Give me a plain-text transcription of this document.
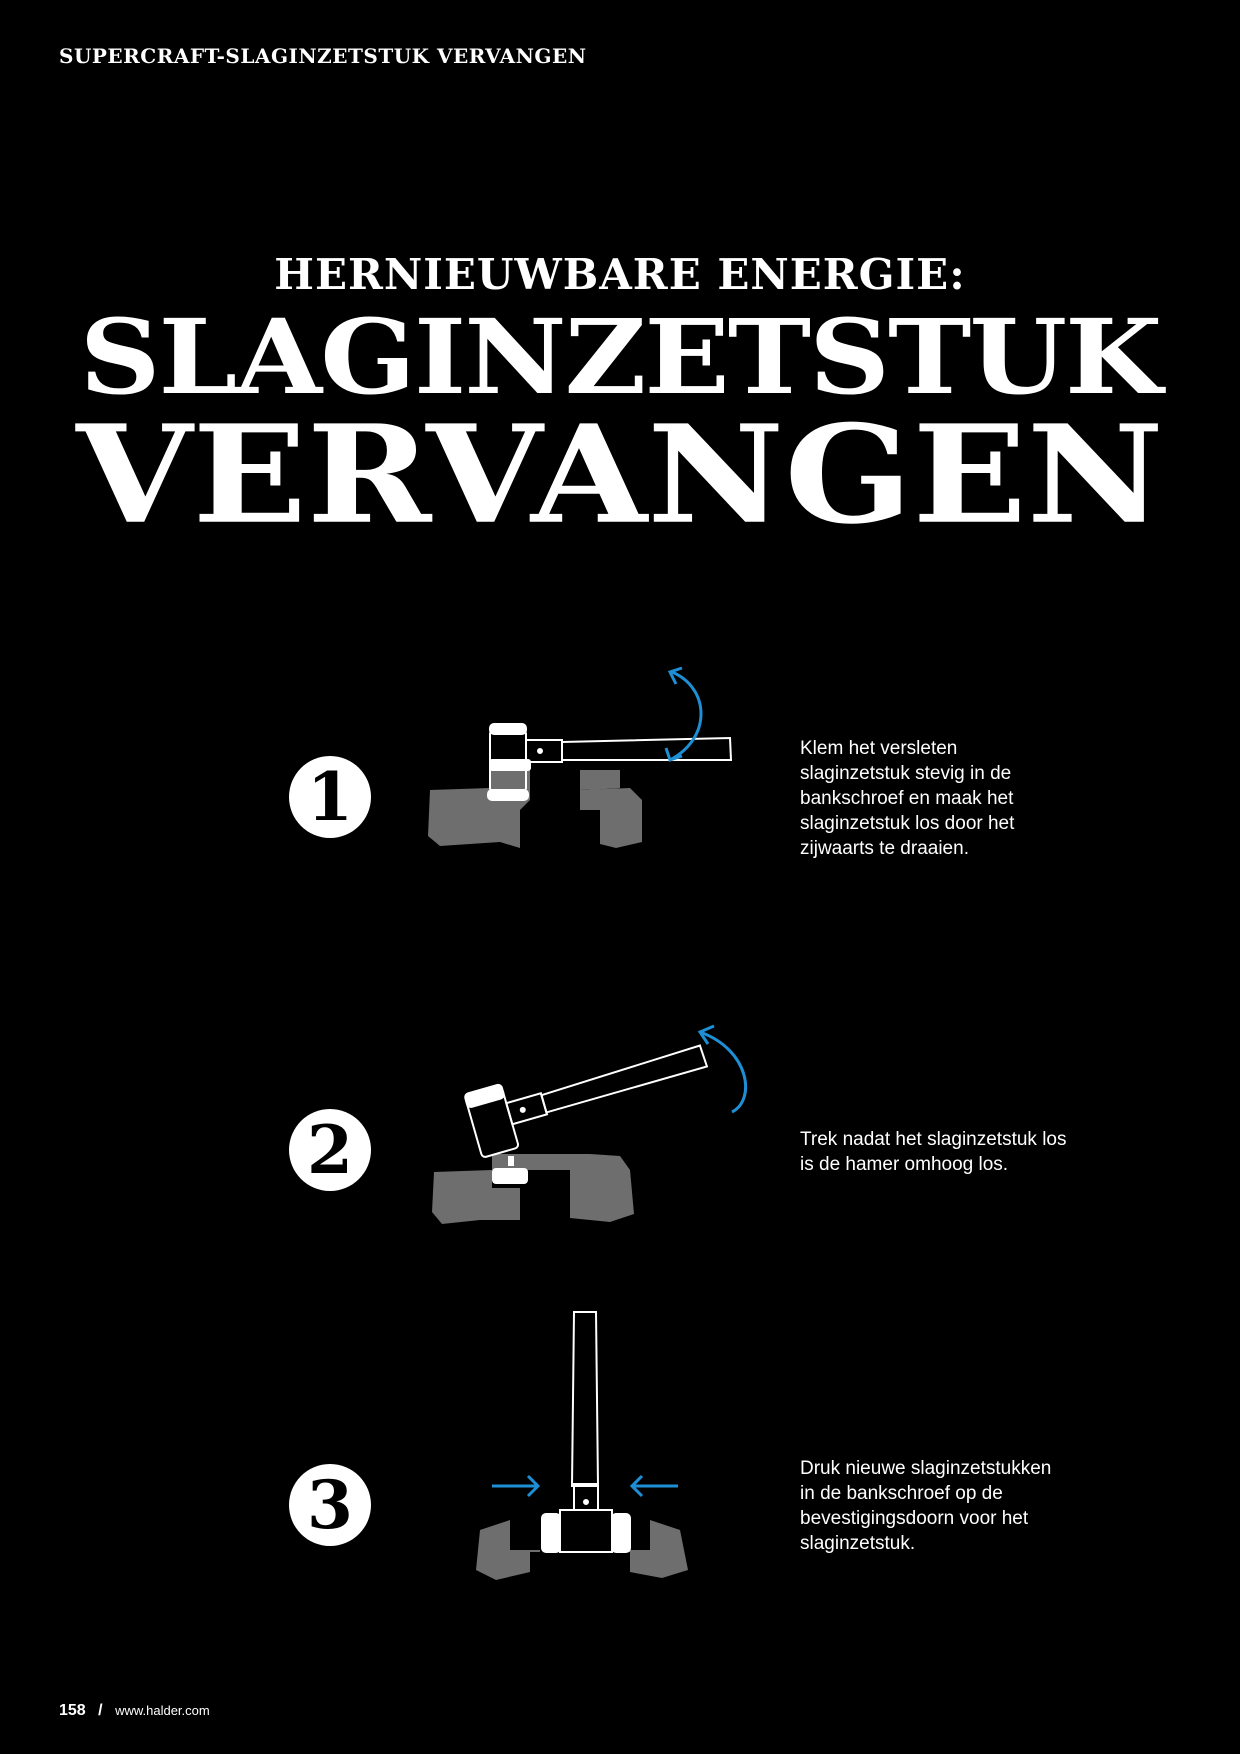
SUPERCRAFT-SLAGINZETSTUK VERVANGEN
HERNIEUWBARE ENERGIE:
SLAGINZETSTUK
VERVANGEN
1
Klem het versleten slaginzetstuk stevig in de bankschroef en maak het slaginzetstuk los door het zijwaarts te draaien.
2	Trek nadat het slaginzetstuk los is de hamer omhoog los.
3	Druk nieuwe slaginzetstukken in de bankschroef op de bevestigingsdoorn voor het slaginzetstuk.
158 / www.halder.com
